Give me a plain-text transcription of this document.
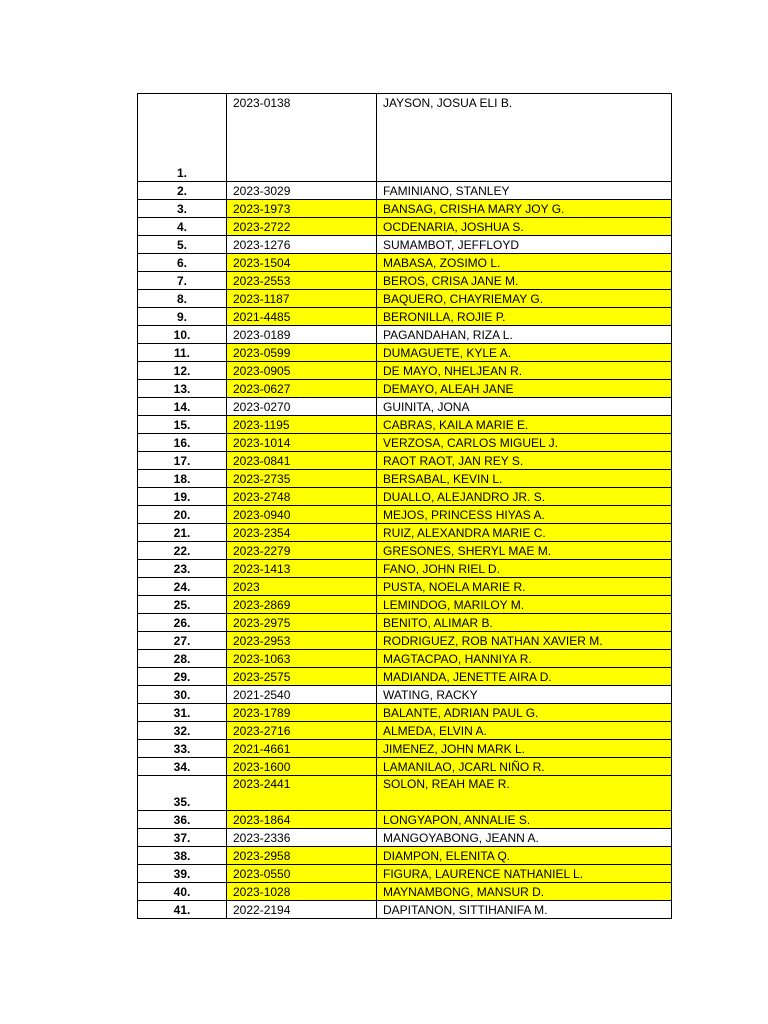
1.	2023-0138	JAYSON, JOSUA ELI B.
2.	2023-3029	FAMINIANO, STANLEY
3.	2023-1973	BANSAG, CRISHA MARY JOY G.
4.	2023-2722	OCDENARIA, JOSHUA S.
5.	2023-1276	SUMAMBOT, JEFFLOYD
6.	2023-1504	MABASA, ZOSIMO L.
7.	2023-2553	BEROS, CRISA JANE M.
8.	2023-1187	BAQUERO, CHAYRIEMAY G.
9.	2021-4485	BERONILLA, ROJIE P.
10.	2023-0189	PAGANDAHAN, RIZA L.
11.	2023-0599	DUMAGUETE, KYLE A.
12.	2023-0905	DE MAYO, NHELJEAN R.
13.	2023-0627	DEMAYO, ALEAH JANE
14.	2023-0270	GUINITA, JONA
15.	2023-1195	CABRAS, KAILA MARIE E.
16.	2023-1014	VERZOSA, CARLOS MIGUEL J.
17.	2023-0841	RAOT RAOT, JAN REY S.
18.	2023-2735	BERSABAL, KEVIN L.
19.	2023-2748	DUALLO, ALEJANDRO JR. S.
20.	2023-0940	MEJOS, PRINCESS HIYAS A.
21.	2023-2354	RUIZ, ALEXANDRA MARIE C.
22.	2023-2279	GRESONES, SHERYL MAE M.
23.	2023-1413	FANO, JOHN RIEL D.
24.	2023	PUSTA, NOELA MARIE R.
25.	2023-2869	LEMINDOG, MARILOY M.
26.	2023-2975	BENITO, ALIMAR B.
27.	2023-2953	RODRIGUEZ, ROB NATHAN XAVIER M.
28.	2023-1063	MAGTACPAO, HANNIYA R.
29.	2023-2575	MADIANDA, JENETTE AIRA D.
30.	2021-2540	WATING, RACKY
31.	2023-1789	BALANTE, ADRIAN PAUL G.
32.	2023-2716	ALMEDA, ELVIN A.
33.	2021-4661	JIMENEZ, JOHN MARK L.
34.	2023-1600	LAMANILAO, JCARL NIÑO R.
35.	2023-2441	SOLON, REAH MAE R.
36.	2023-1864	LONGYAPON, ANNALIE S.
37.	2023-2336	MANGOYABONG, JEANN A.
38.	2023-2958	DIAMPON, ELENITA Q.
39.	2023-0550	FIGURA, LAURENCE NATHANIEL L.
40.	2023-1028	MAYNAMBONG, MANSUR D.
41.	2022-2194	DAPITANON, SITTIHANIFA M.
